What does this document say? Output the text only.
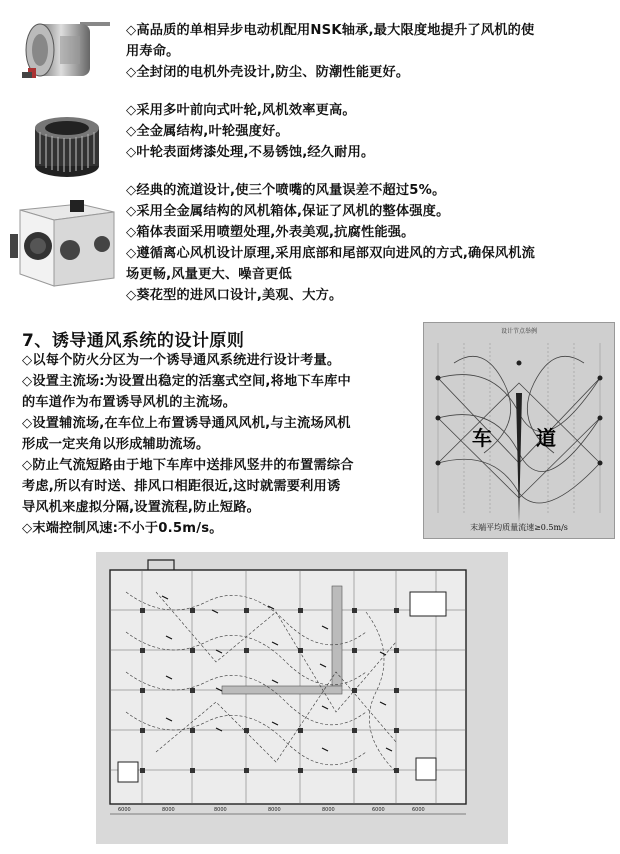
◇高品质的单相异步电动机配用NSK轴承,最大限度地提升了风机的使

用寿命。

◇全封闭的电机外壳设计,防尘、防潮性能更好。

◇采用多叶前向式叶轮,风机效率更高。

◇全金属结构,叶轮强度好。

◇叶轮表面烤漆处理,不易锈蚀,经久耐用。

◇经典的流道设计,使三个喷嘴的风量误差不超过5%。

◇采用全金属结构的风机箱体,保证了风机的整体强度。

◇箱体表面采用喷塑处理,外表美观,抗腐性能强。

◇遵循离心风机设计原理,采用底部和尾部双向进风的方式,确保风机流

场更畅,风量更大、噪音更低

◇葵花型的进风口设计,美观、大方。

7、诱导通风系统的设计原则

◇以每个防火分区为一个诱导通风系统进行设计考量。

◇设置主流场:为设置出稳定的活塞式空间,将地下车库中

的车道作为布置诱导风机的主流场。

◇设置辅流场,在车位上布置诱导通风风机,与主流场风机

形成一定夹角以形成辅助流场。

◇防止气流短路由于地下车库中送排风竖井的布置需综合

考虑,所以有时送、排风口相距很近,这时就需要利用诱

导风机来虚拟分隔,设置流程,防止短路。

◇末端控制风速:不小于0.5m/s。

设计节点举例
车 道
末端平均质量流速≥0.5m/s
6000	8000	8000	8000	8000	6000	6000
